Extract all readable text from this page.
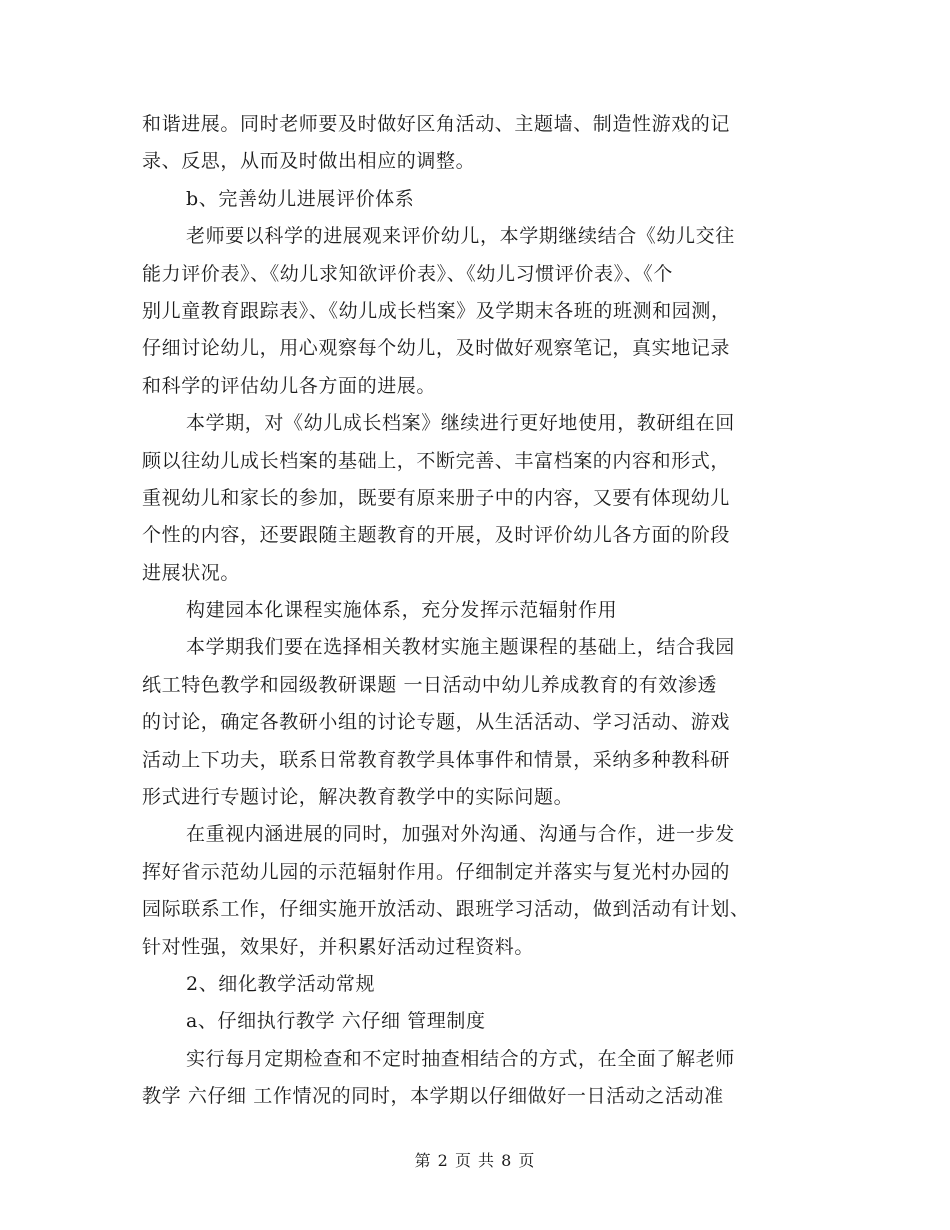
和谐进展。同时老师要及时做好区角活动、主题墙、制造性游戏的记
录、反思，从而及时做出相应的调整。
b、完善幼儿进展评价体系
老师要以科学的进展观来评价幼儿，本学期继续结合《幼儿交往
能力评价表》、《幼儿求知欲评价表》、《幼儿习惯评价表》、《个
别儿童教育跟踪表》、《幼儿成长档案》及学期末各班的班测和园测，
仔细讨论幼儿，用心观察每个幼儿，及时做好观察笔记，真实地记录
和科学的评估幼儿各方面的进展。
本学期，对《幼儿成长档案》继续进行更好地使用，教研组在回
顾以往幼儿成长档案的基础上，不断完善、丰富档案的内容和形式，
重视幼儿和家长的参加，既要有原来册子中的内容，又要有体现幼儿
个性的内容，还要跟随主题教育的开展，及时评价幼儿各方面的阶段
进展状况。
构建园本化课程实施体系，充分发挥示范辐射作用
本学期我们要在选择相关教材实施主题课程的基础上，结合我园
纸工特色教学和园级教研课题 一日活动中幼儿养成教育的有效渗透
的讨论，确定各教研小组的讨论专题，从生活活动、学习活动、游戏
活动上下功夫，联系日常教育教学具体事件和情景，采纳多种教科研
形式进行专题讨论，解决教育教学中的实际问题。
在重视内涵进展的同时，加强对外沟通、沟通与合作，进一步发
挥好省示范幼儿园的示范辐射作用。仔细制定并落实与复光村办园的
园际联系工作，仔细实施开放活动、跟班学习活动，做到活动有计划、
针对性强，效果好，并积累好活动过程资料。
2、细化教学活动常规
a、仔细执行教学 六仔细 管理制度
实行每月定期检查和不定时抽查相结合的方式，在全面了解老师
教学 六仔细 工作情况的同时，本学期以仔细做好一日活动之活动准
第 2 页 共 8 页
